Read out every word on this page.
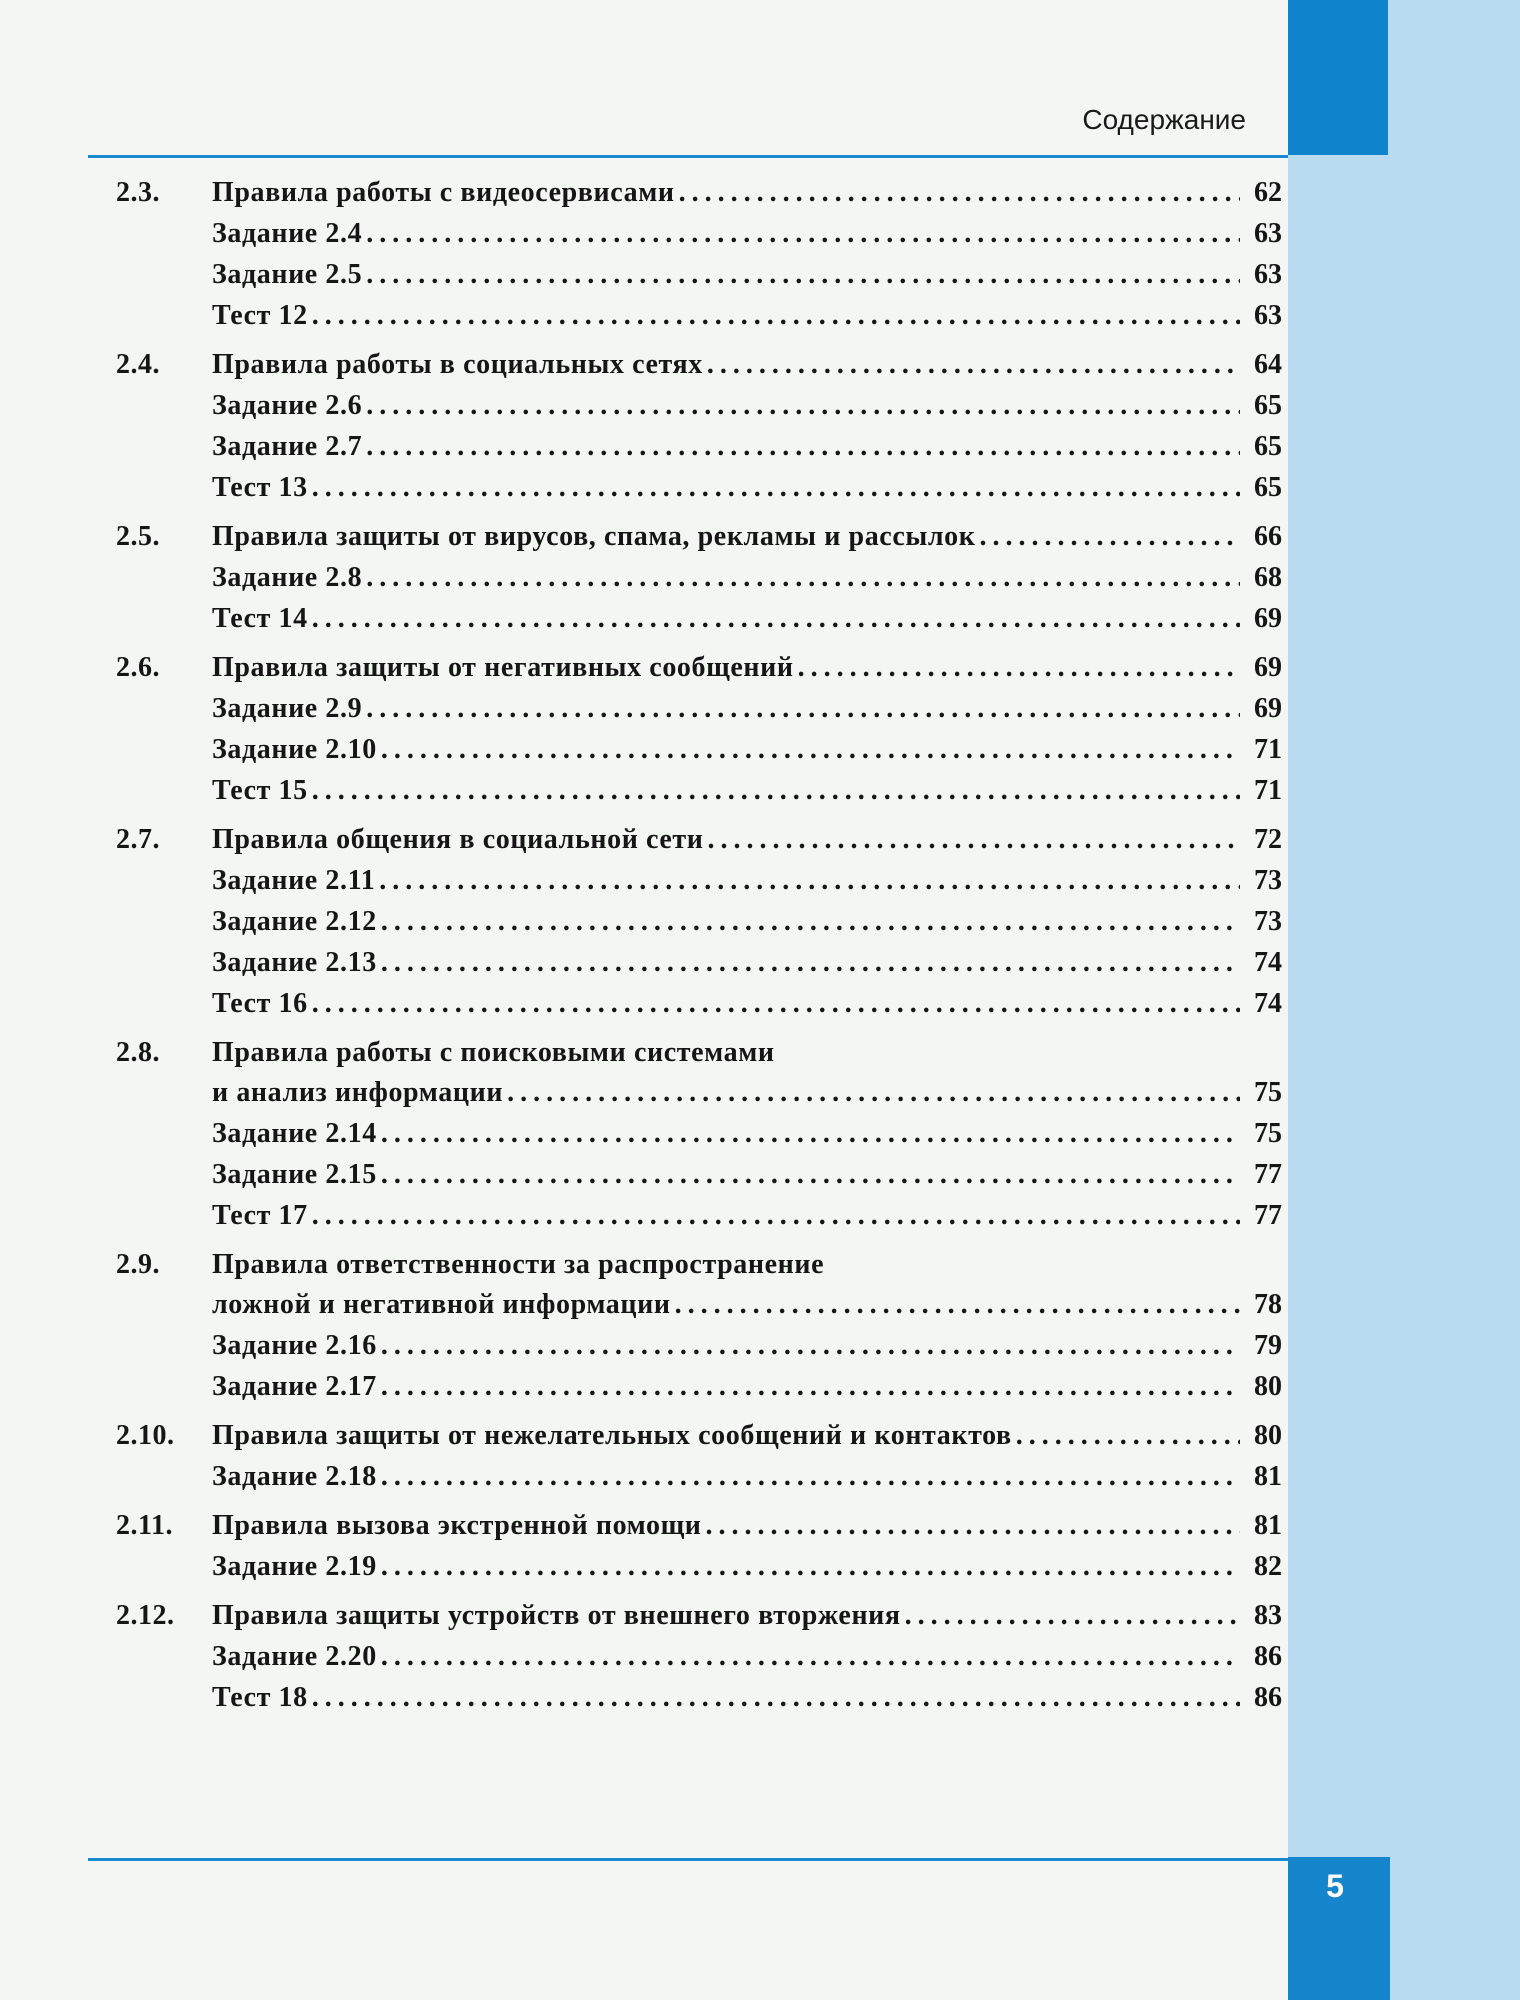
Содержание
2.3.	Правила работы с видеосервисами .....	62
Задание 2.4 .....	63
Задание 2.5 .....	63
Тест 12 .....	63
2.4.	Правила работы в социальных сетях .....	64
Задание 2.6 .....	65
Задание 2.7 .....	65
Тест 13 .....	65
2.5.	Правила защиты от вирусов, спама, рекламы и рассылок .....	66
Задание 2.8 .....	68
Тест 14 .....	69
2.6.	Правила защиты от негативных сообщений .....	69
Задание 2.9 .....	69
Задание 2.10 .....	71
Тест 15 .....	71
2.7.	Правила общения в социальной сети .....	72
Задание 2.11 .....	73
Задание 2.12 .....	73
Задание 2.13 .....	74
Тест 16 .....	74
2.8.	Правила работы с поисковыми системами
и анализ информации .....	75
Задание 2.14 .....	75
Задание 2.15 .....	77
Тест 17 .....	77
2.9.	Правила ответственности за распространение
ложной и негативной информации .....	78
Задание 2.16 .....	79
Задание 2.17 .....	80
2.10.	Правила защиты от нежелательных сообщений и контактов .....	80
Задание 2.18 .....	81
2.11.	Правила вызова экстренной помощи .....	81
Задание 2.19 .....	82
2.12.	Правила защиты устройств от внешнего вторжения .....	83
Задание 2.20 .....	86
Тест 18 .....	86
5
